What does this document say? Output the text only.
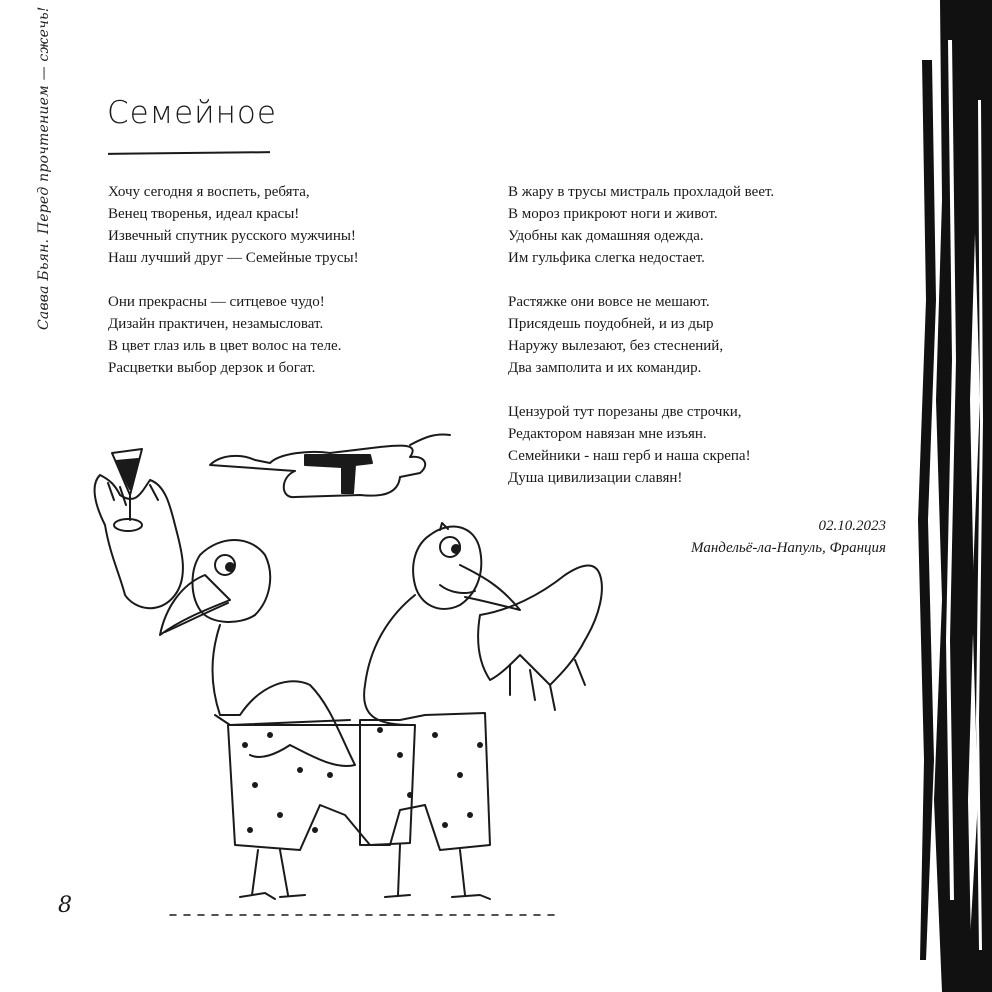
Савва Бьян. Перед прочтением — сжечь! Семейное
Хочу сегодня я воспеть, ребята,
Венец творенья, идеал красы!
Извечный спутник русского мужчины!
Наш лучший друг — Семейные трусы!
Они прекрасны — ситцевое чудо!
Дизайн практичен, незамысловат.
В цвет глаз иль в цвет волос на теле.
Расцветки выбор дерзок и богат.
В жару в трусы мистраль прохладой веет.
В мороз прикроют ноги и живот.
Удобны как домашняя одежда.
Им гульфика слегка недостает.
Растяжке они вовсе не мешают.
Присядешь поудобней, и из дыр
Наружу вылезают, без стеснений,
Два замполита и их командир.
Цензурой тут порезаны две строчки,
Редактором навязан мне изъян.
Семейники - наш герб и наша скрепа!
Душа цивилизации славян!
02.10.2023
Мандельё-ла-Напуль, Франция
8
